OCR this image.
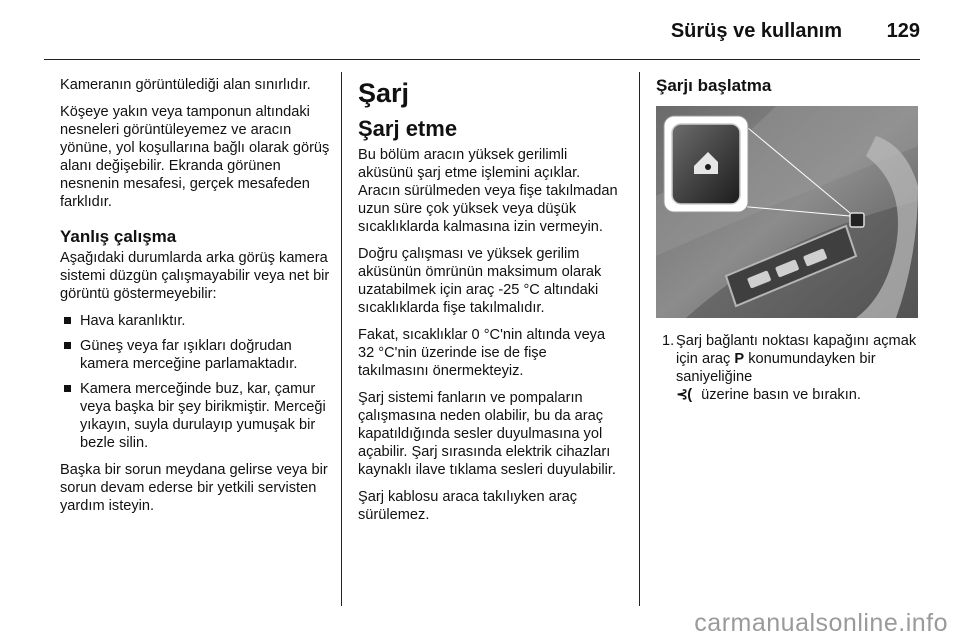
Sürüş ve kullanım 129

Kameranın görüntülediği alan sınırlıdır.

Köşeye yakın veya tamponun altındaki nesneleri görüntüleyemez ve aracın yönüne, yol koşullarına bağlı olarak görüş alanı değişebilir. Ekranda görünen nesnenin mesafesi, gerçek mesafeden farklıdır.

Yanlış çalışma

Aşağıdaki durumlarda arka görüş kamera sistemi düzgün çalışmayabilir veya net bir görüntü göstermeyebilir:

Hava karanlıktır.
Güneş veya far ışıkları doğrudan kamera merceğine parlamaktadır.
Kamera merceğinde buz, kar, çamur veya başka bir şey birikmiştir. Merceği yıkayın, suyla durulayıp yumuşak bir bezle silin.

Başka bir sorun meydana gelirse veya bir sorun devam ederse bir yetkili servisten yardım isteyin.

Şarj
Şarj etme

Bu bölüm aracın yüksek gerilimli aküsünü şarj etme işlemini açıklar. Aracın sürülmeden veya fişe takılmadan uzun süre çok yüksek veya düşük sıcaklıklarda kalmasına izin vermeyin.

Doğru çalışması ve yüksek gerilim aküsünün ömrünün maksimum olarak uzatabilmek için araç -25 °C altındaki sıcaklıklarda fişe takılmalıdır.

Fakat, sıcaklıklar 0 °C'nin altında veya 32 °C'nin üzerinde ise de fişe takılmasını önermekteyiz.

Şarj sistemi fanların ve pompaların çalışmasına neden olabilir, bu da araç kapatıldığında sesler duyulmasına yol açabilir. Şarj sırasında elektrik cihazları kaynaklı ilave tıklama sesleri duyulabilir.

Şarj kablosu araca takılıyken araç sürülemez.

Şarjı başlatma
1. Şarj bağlantı noktası kapağını açmak için araç P konumundayken bir saniyeliğine
⊰( üzerine basın ve bırakın.
carmanualsonline.info
